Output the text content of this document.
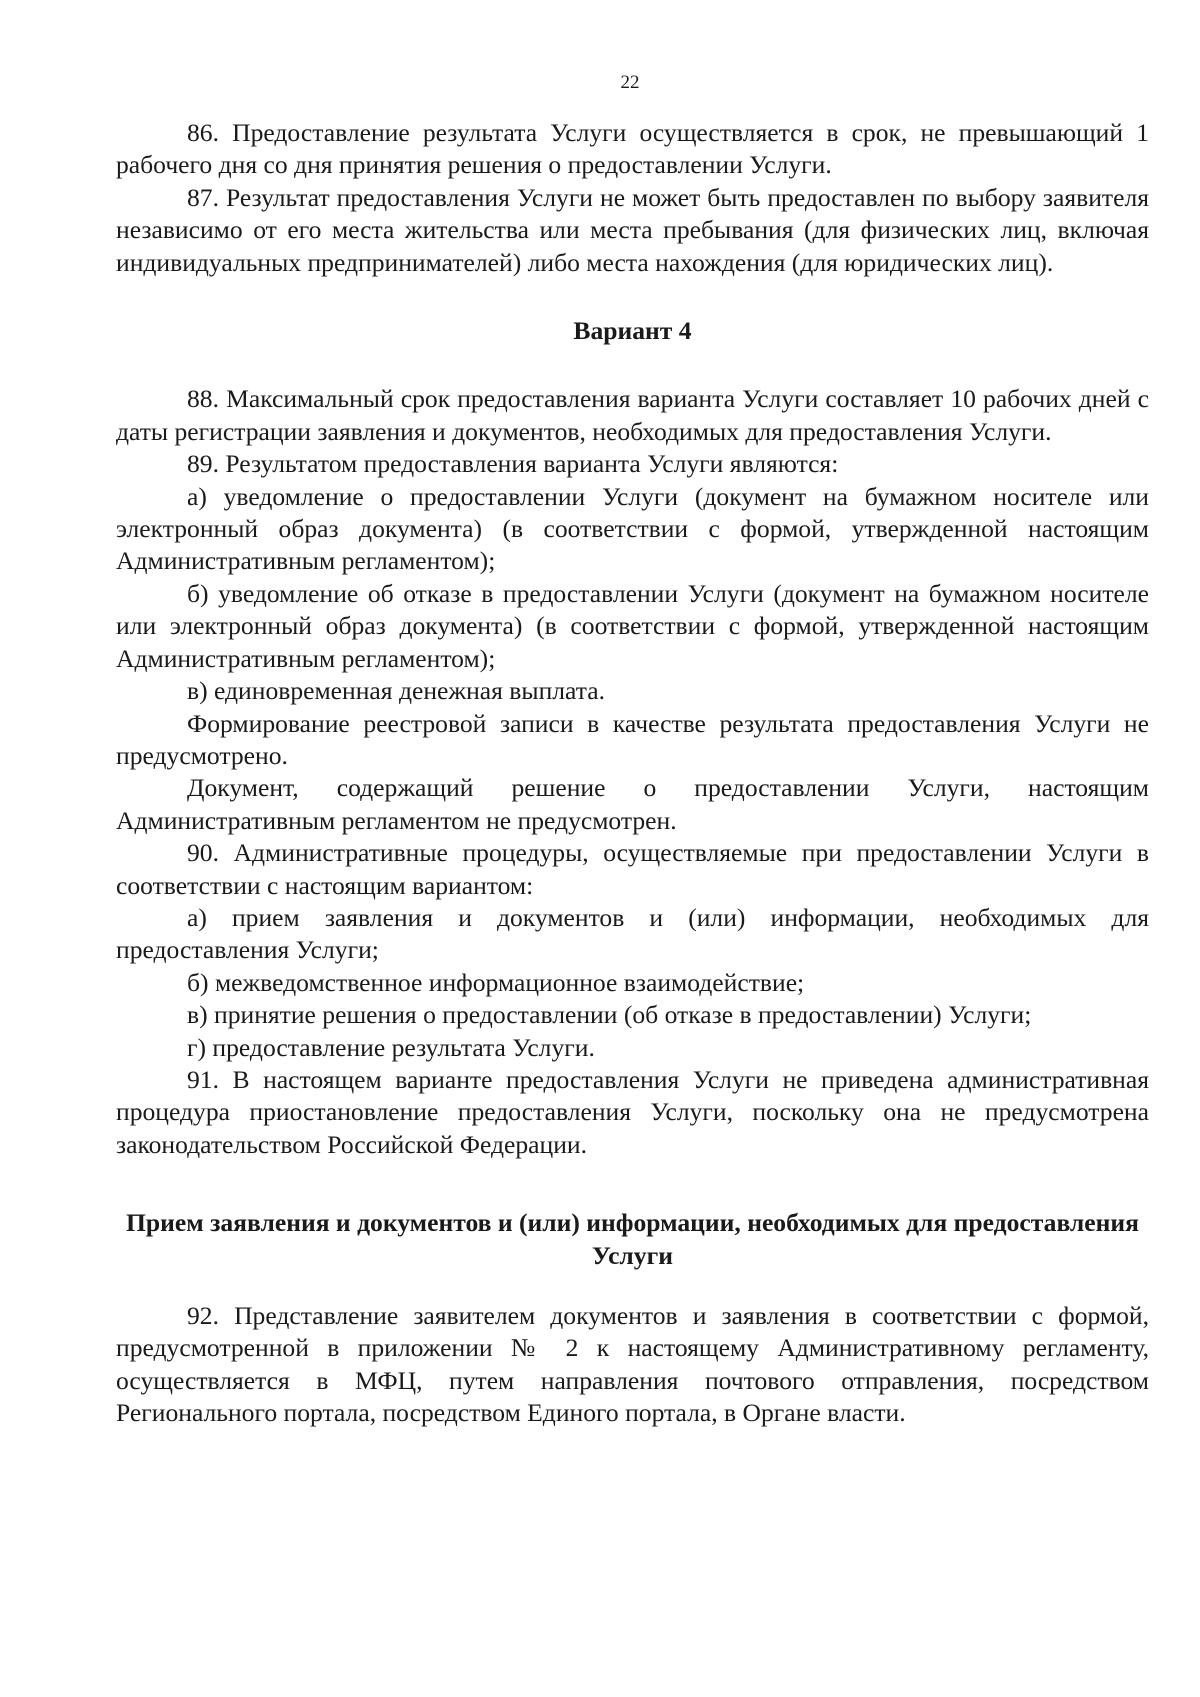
22

86. Предоставление результата Услуги осуществляется в срок, не превышающий 1 рабочего дня со дня принятия решения о предоставлении Услуги.

87. Результат предоставления Услуги не может быть предоставлен по выбору заявителя независимо от его места жительства или места пребывания (для физических лиц, включая индивидуальных предпринимателей) либо места нахождения (для юридических лиц).

Вариант 4

88. Максимальный срок предоставления варианта Услуги составляет 10 рабочих дней с даты регистрации заявления и документов, необходимых для предоставления Услуги.

89. Результатом предоставления варианта Услуги являются:

а) уведомление о предоставлении Услуги (документ на бумажном носителе или электронный образ документа) (в соответствии с формой, утвержденной настоящим Административным регламентом);

б) уведомление об отказе в предоставлении Услуги (документ на бумажном носителе или электронный образ документа) (в соответствии с формой, утвержденной настоящим Административным регламентом);

в) единовременная денежная выплата.

Формирование реестровой записи в качестве результата предоставления Услуги не предусмотрено.

Документ, содержащий решение о предоставлении Услуги, настоящим Административным регламентом не предусмотрен.

90. Административные процедуры, осуществляемые при предоставлении Услуги в соответствии с настоящим вариантом:

а) прием заявления и документов и (или) информации, необходимых для предоставления Услуги;

б) межведомственное информационное взаимодействие;

в) принятие решения о предоставлении (об отказе в предоставлении) Услуги;

г) предоставление результата Услуги.

91. В настоящем варианте предоставления Услуги не приведена административная процедура приостановление предоставления Услуги, поскольку она не предусмотрена законодательством Российской Федерации.

Прием заявления и документов и (или) информации, необходимых для предоставления Услуги

92. Представление заявителем документов и заявления в соответствии с формой, предусмотренной в приложении № 2 к настоящему Административному регламенту, осуществляется в МФЦ, путем направления почтового отправления, посредством Регионального портала, посредством Единого портала, в Органе власти.
